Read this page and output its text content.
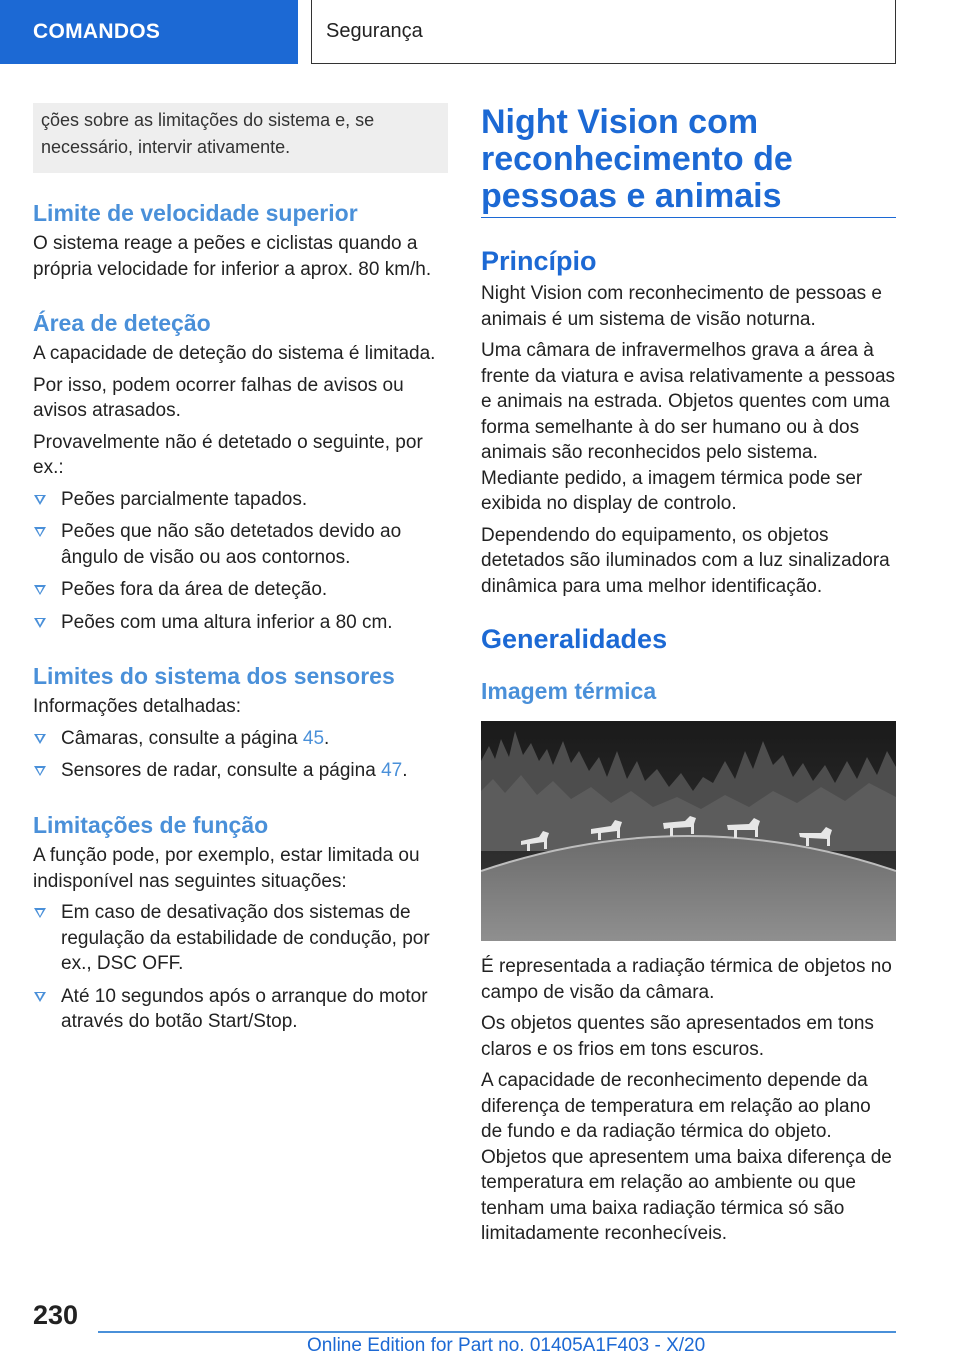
COMANDOS	Segurança
ções sobre as limitações do sistema e, se necessário, intervir ativamente.
Limite de velocidade superior

O sistema reage a peões e ciclistas quando a própria velocidade for inferior a aprox. 80 km/h.

Área de deteção

A capacidade de deteção do sistema é limitada.

Por isso, podem ocorrer falhas de avisos ou avisos atrasados.

Provavelmente não é detetado o seguinte, por ex.:

Peões parcialmente tapados.
Peões que não são detetados devido ao ângulo de visão ou aos contornos.
Peões fora da área de deteção.
Peões com uma altura inferior a 80 cm.
Limites do sistema dos sensores

Informações detalhadas:

Câmaras, consulte a página 45.
Sensores de radar, consulte a página 47.
Limitações de função

A função pode, por exemplo, estar limitada ou indisponível nas seguintes situações:

Em caso de desativação dos sistemas de regulação da estabilidade de condução, por ex., DSC OFF.
Até 10 segundos após o arranque do motor através do botão Start/Stop.
Night Vision com reconhecimento de pessoas e animais
Princípio

Night Vision com reconhecimento de pessoas e animais é um sistema de visão noturna.

Uma câmara de infravermelhos grava a área à frente da viatura e avisa relativamente a pessoas e animais na estrada. Objetos quentes com uma forma semelhante à do ser humano ou à dos animais são reconhecidos pelo sistema. Mediante pedido, a imagem térmica pode ser exibida no display de controlo.

Dependendo do equipamento, os objetos detetados são iluminados com a luz sinalizadora dinâmica para uma melhor identificação.

Generalidades
Imagem térmica

É representada a radiação térmica de objetos no campo de visão da câmara.

Os objetos quentes são apresentados em tons claros e os frios em tons escuros.

A capacidade de reconhecimento depende da diferença de temperatura em relação ao plano de fundo e da radiação térmica do objeto. Objetos que apresentem uma baixa diferença de temperatura em relação ao ambiente ou que tenham uma baixa radiação térmica só são limitadamente reconhecíveis.

230
Online Edition for Part no. 01405A1F403 - X/20
